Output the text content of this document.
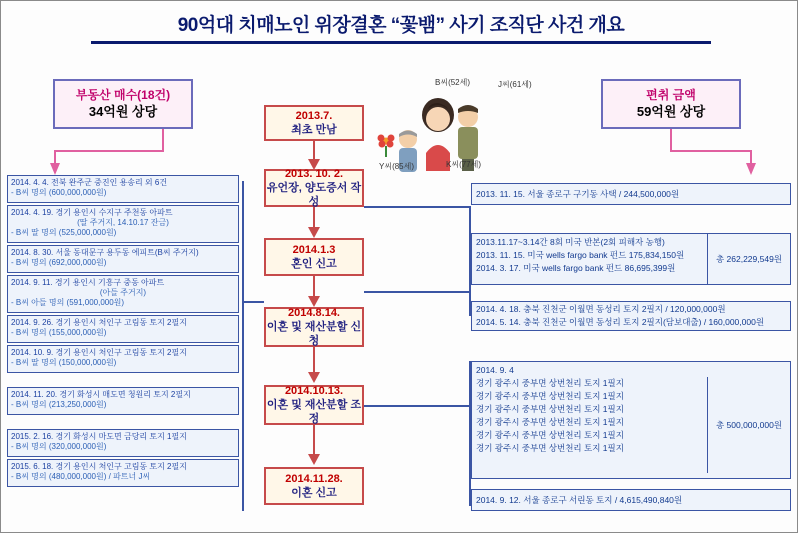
90억대 치매노인 위장결혼 “꽃뱀” 사기 조직단 사건 개요
부동산 매수(18건)
34억원 상당
편취 금액
59억원 상당
B씨(52세)	J씨(61세)
K씨(77세)
Y씨(85세)
2013.7.
최초 만남
2013. 10. 2.
유언장, 양도증서 작성
2014.1.3
혼인 신고
2014.8.14.
이혼 및 재산분할 신청
2014.10.13.
이혼 및 재산분할 조정
2014.11.28.
이혼 신고
2014. 4. 4. 전북 완주군 중진인 용송리 외 6건
- B씨 명의 (600,000,000원)
2014. 4. 19. 경기 용인시 수지구 주천동 아파트
(딸 주거지, 14.10.17 잔금)
- B씨 딸 명의 (525,000,000원)
2014. 8. 30. 서울 동대문구 용두동 에피트(B씨 주거지)
- B씨 명의 (692,000,000원)
2014. 9. 11. 경기 용인시 기흥구 중동 아파트
(아들 주거지)
- B씨 아들 명의 (591,000,000원)
2014. 9. 26. 경기 용인시 처인구 고림동 토지 2필지
- B씨 명의 (155,000,000원)
2014. 10. 9. 경기 용인시 처인구 고림동 토지 2필지
- B씨 딸 명의 (150,000,000원)
2014. 11. 20. 경기 화성시 매도면 청원리 토지 2필지
- B씨 명의 (213,250,000원)
2015. 2. 16. 경기 화성시 마도면 금당리 토지 1필지
- B씨 명의 (320,000,000원)
2015. 6. 18. 경기 용인시 처인구 고림동 토지 2필지
- B씨 명의 (480,000,000원) / 파트너 J씨
2013. 11. 15. 서울 종로구 구기동 사택 / 244,500,000원
2013.11.17~3.14간 8회 미국 반본(2회 피해자 농행)
2013. 11. 15. 미국 wells fargo bank 펀드 175,834,150원
2014. 3. 17. 미국 wells fargo bank 펀드 86,695,399원
총 262,229,549원
2014. 4. 18. 충북 진천군 이월면 동성리 토지 2필지 / 120,000,000원
2014. 5. 14. 충북 진천군 이월면 동성리 토지 2필지(담보대출) / 160,000,000원
2014. 9. 4
경기 광주시 중부면 상번천리 토지 1필지
경기 광주시 중부면 상번천리 토지 1필지
경기 광주시 중부면 상번천리 토지 1필지
경기 광주시 중부면 상번천리 토지 1필지
경기 광주시 중부면 상번천리 토지 1필지
경기 광주시 중부면 상번천리 토지 1필지
총 500,000,000원
2014. 9. 12. 서울 종로구 서린동 토지 / 4,615,490,840원
